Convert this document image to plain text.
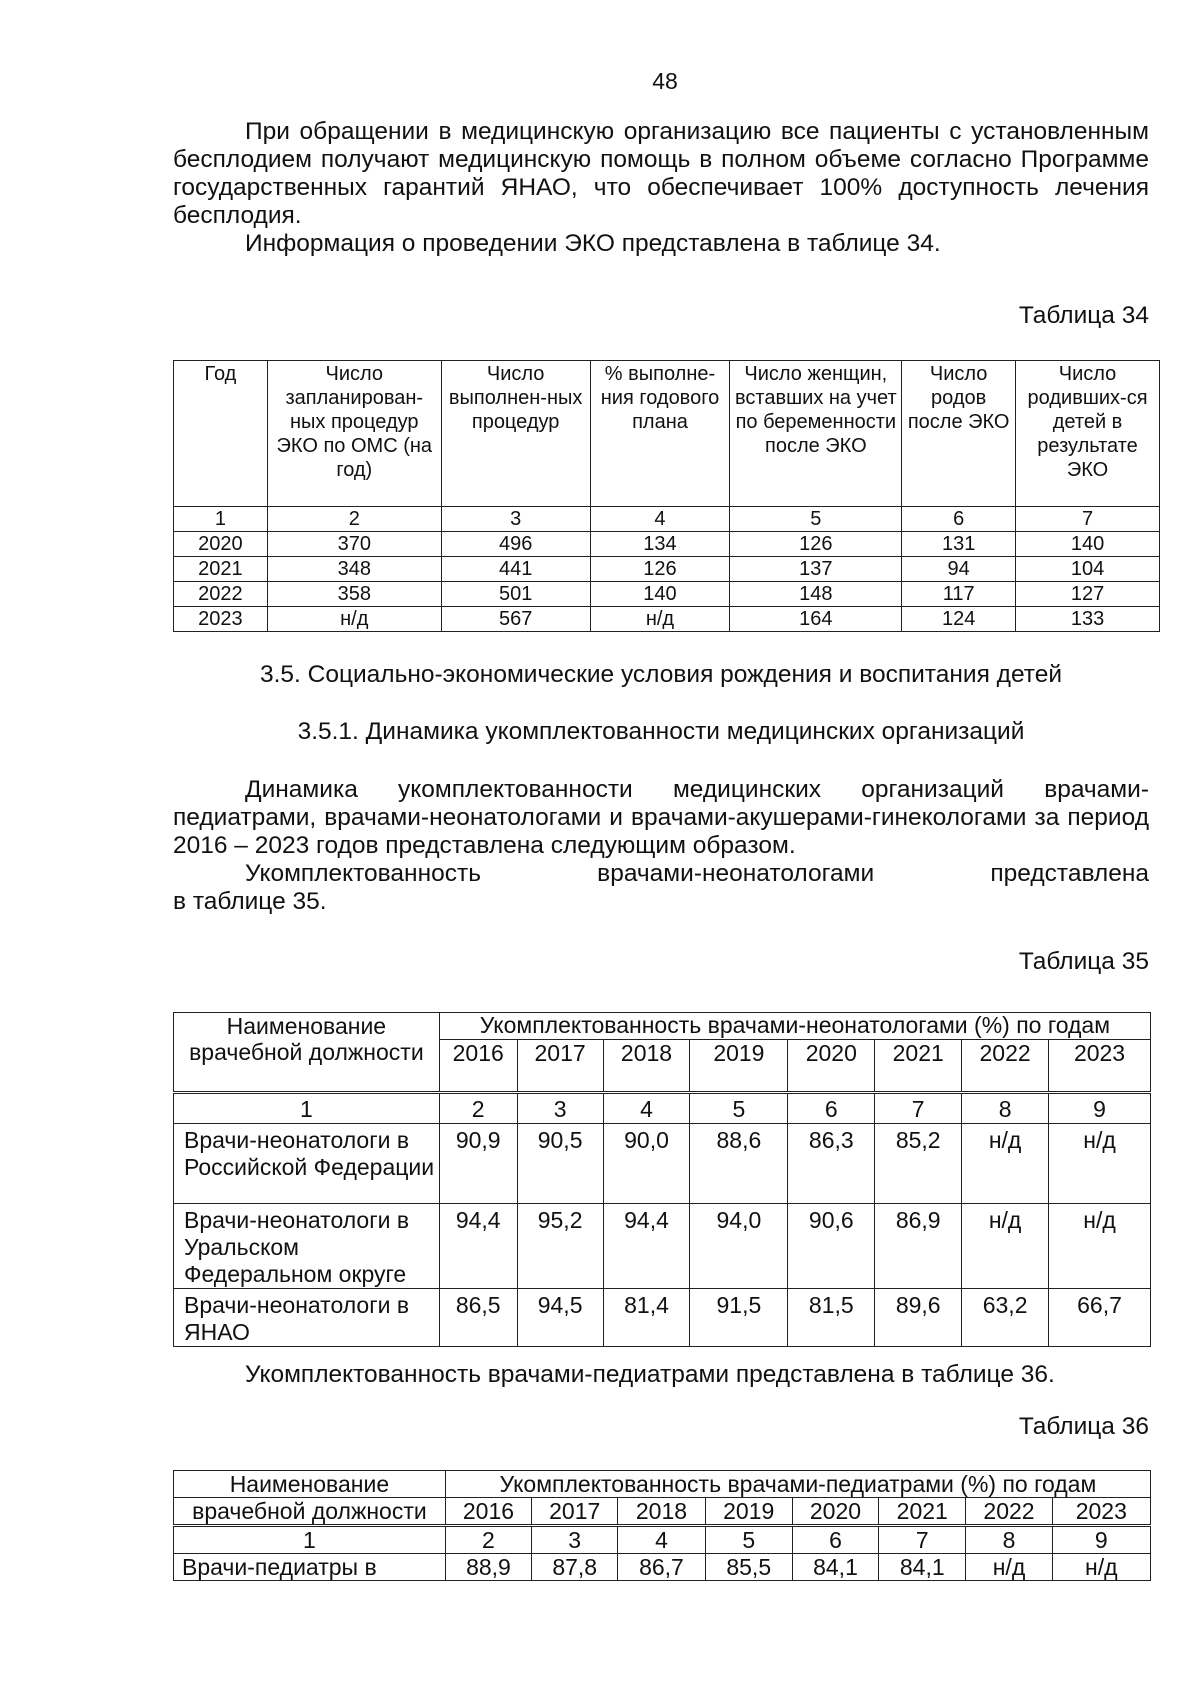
48

При обращении в медицинскую организацию все пациенты с установленным бесплодием получают медицинскую помощь в полном объеме согласно Программе государственных гарантий ЯНАО, что обеспечивает 100% доступность лечения бесплодия.

Информация о проведении ЭКО представлена в таблице 34.

Таблица 34
Год	Число запланирован-ных процедур ЭКО по ОМС (на год)	Число выполнен-ных процедур	% выполне-ния годового плана	Число женщин, вставших на учет по беременности после ЭКО	Число родов после ЭКО	Число родивших-ся детей в результате ЭКО
1	2	3	4	5	6	7
2020	370	496	134	126	131	140
2021	348	441	126	137	94	104
2022	358	501	140	148	117	127
2023	н/д	567	н/д	164	124	133
3.5. Социально-экономические условия рождения и воспитания детей
3.5.1. Динамика укомплектованности медицинских организаций

Динамика укомплектованности медицинских организаций врачами-педиатрами, врачами-неонатологами и врачами-акушерами-гинекологами за период 2016 – 2023 годов представлена следующим образом.

Укомплектованность врачами-неонатологами представлена

в таблице 35.

Таблица 35
Наименование врачебной должности	Укомплектованность врачами-неонатологами (%) по годам							
	2016	2017	2018	2019	2020	2021	2022	2023
1	2	3	4	5	6	7	8	9
Врачи-неонатологи в Российской Федерации	90,9	90,5	90,0	88,6	86,3	85,2	н/д	н/д
Врачи-неонатологи в Уральском Федеральном округе	94,4	95,2	94,4	94,0	90,6	86,9	н/д	н/д
Врачи-неонатологи в ЯНАО	86,5	94,5	81,4	91,5	81,5	89,6	63,2	66,7

Укомплектованность врачами-педиатрами представлена в таблице 36.

Таблица 36
Наименование	Укомплектованность врачами-педиатрами (%) по годам							
врачебной должности	2016	2017	2018	2019	2020	2021	2022	2023
1	2	3	4	5	6	7	8	9
Врачи-педиатры в	88,9	87,8	86,7	85,5	84,1	84,1	н/д	н/д
